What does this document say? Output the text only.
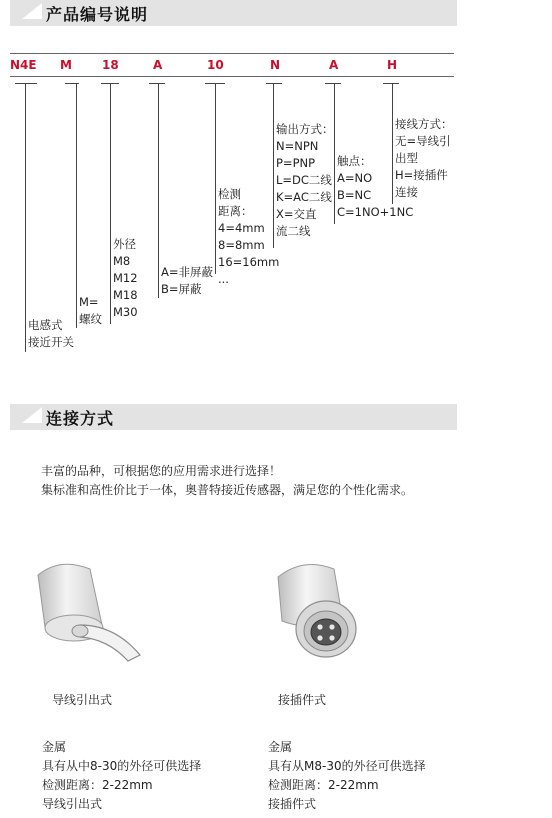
产品编号说明
N4E M	18	A	10	N	A	H
电感式
接近开关
M=
螺纹
外径
M8
M12
M18
M30
A=非屏蔽
B=屏蔽
检测
距离：
4=4mm
8=8mm
16=16mm
...
输出方式：
N=NPN
P=PNP
L=DC二线
K=AC二线
X=交直
流二线
触点：
A=NO
B=NC
C=1NO+1NC
接线方式：
无=导线引
出型
H=接插件
连接
连接方式
丰富的品种，可根据您的应用需求进行选择！
集标准和高性价比于一体，奥普特接近传感器，满足您的个性化需求。
导线引出式	接插件式
金属
具有从中8-30的外径可供选择
检测距离：2-22mm
导线引出式
金属
具有从M8-30的外径可供选择
检测距离：2-22mm
接插件式
